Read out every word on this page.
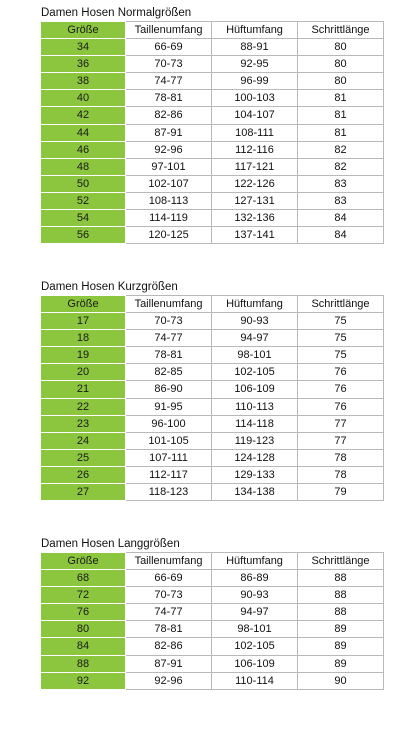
Damen Hosen Normalgrößen
Größe	Taillenumfang	Hüftumfang	Schrittlänge
34	66-69	88-91	80
36	70-73	92-95	80
38	74-77	96-99	80
40	78-81	100-103	81
42	82-86	104-107	81
44	87-91	108-111	81
46	92-96	112-116	82
48	97-101	117-121	82
50	102-107	122-126	83
52	108-113	127-131	83
54	114-119	132-136	84
56	120-125	137-141	84
Damen Hosen Kurzgrößen
Größe	Taillenumfang	Hüftumfang	Schrittlänge
17	70-73	90-93	75
18	74-77	94-97	75
19	78-81	98-101	75
20	82-85	102-105	76
21	86-90	106-109	76
22	91-95	110-113	76
23	96-100	114-118	77
24	101-105	119-123	77
25	107-111	124-128	78
26	112-117	129-133	78
27	118-123	134-138	79
Damen Hosen Langgrößen
Größe	Taillenumfang	Hüftumfang	Schrittlänge
68	66-69	86-89	88
72	70-73	90-93	88
76	74-77	94-97	88
80	78-81	98-101	89
84	82-86	102-105	89
88	87-91	106-109	89
92	92-96	110-114	90
